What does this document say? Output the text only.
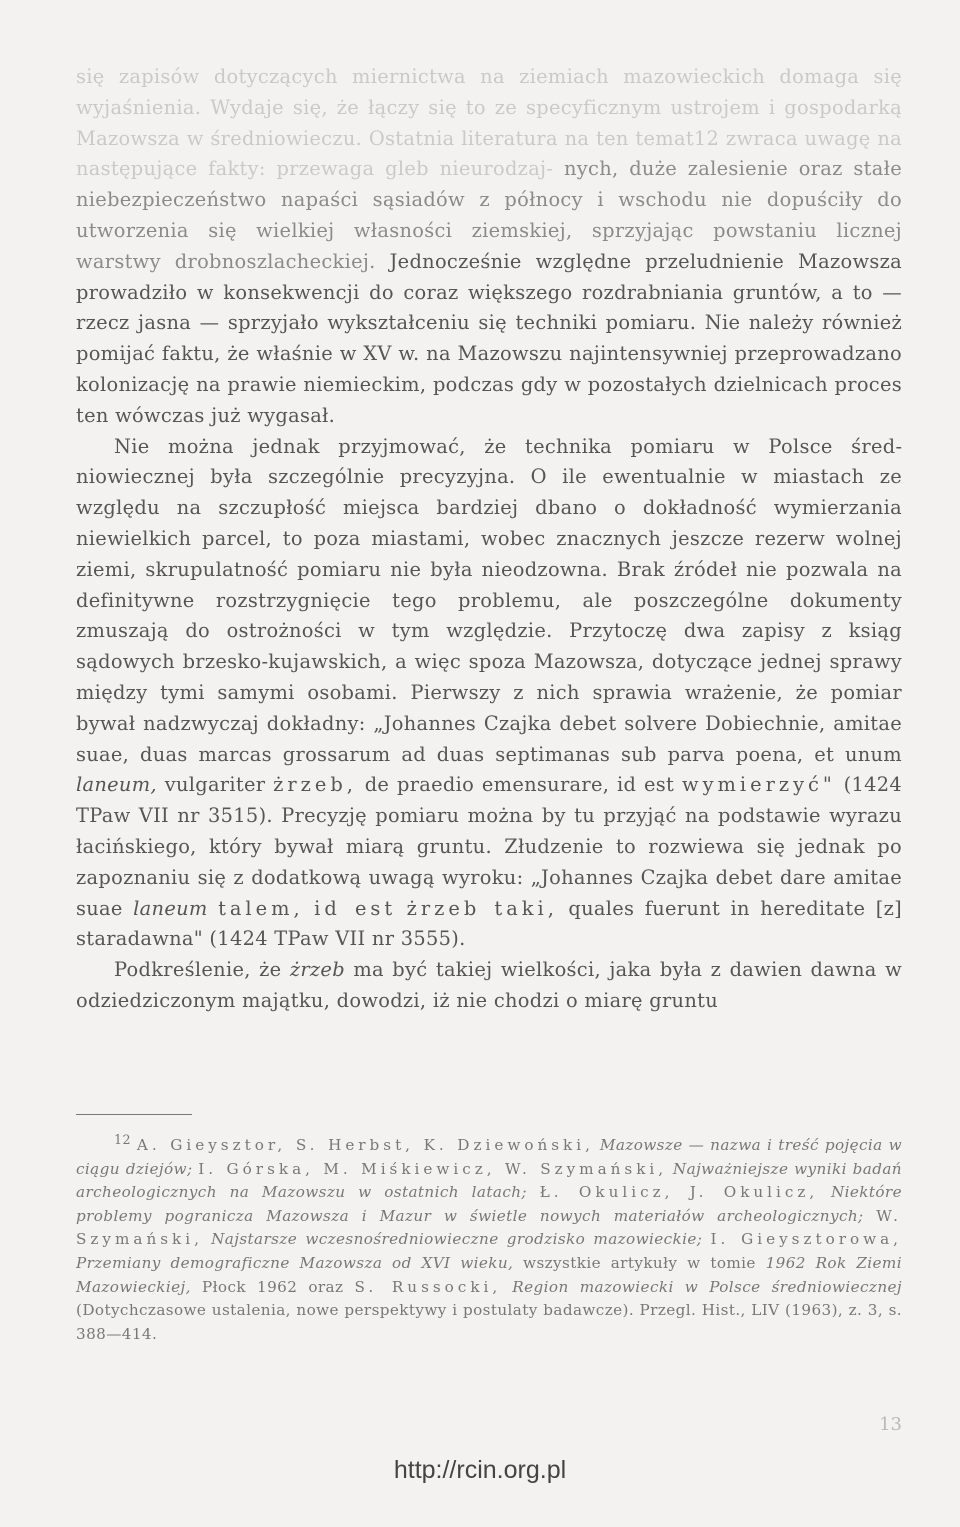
się zapisów dotyczących miernictwa na ziemiach mazowieckich domaga się wyjaśnienia. Wydaje się, że łączy się to ze specyficznym ustrojem i gospodarką Mazowsza w średniowieczu. Ostatnia literatura na ten temat12 zwraca uwagę na następujące fakty: przewaga gleb nieurodzaj- nych, duże zalesienie oraz stałe niebezpieczeństwo napaści sąsiadów z północy i wschodu nie dopuściły do utworzenia się wielkiej własności ziemskiej, sprzyjając powstaniu licznej warstwy drobnoszlacheckiej. Jednocześnie względne przeludnienie Mazowsza prowadziło w konsekwencji do coraz większego rozdrabniania gruntów, a to — rzecz jasna — sprzyjało wykształceniu się techniki pomiaru. Nie należy również pomijać faktu, że właśnie w XV w. na Mazowszu najintensywniej przeprowadzano kolonizację na prawie niemieckim, podczas gdy w pozostałych dzielnicach proces ten wówczas już wygasał.

Nie można jednak przyjmować, że technika pomiaru w Polsce średniowiecznej była szczególnie precyzyjna. O ile ewentualnie w miastach ze względu na szczupłość miejsca bardziej dbano o dokładność wymierzania niewielkich parcel, to poza miastami, wobec znacznych jeszcze rezerw wolnej ziemi, skrupulatność pomiaru nie była nieodzowna. Brak źródeł nie pozwala na definitywne rozstrzygnięcie tego problemu, ale poszczególne dokumenty zmuszają do ostrożności w tym względzie. Przytoczę dwa zapisy z ksiąg sądowych brzesko-kujawskich, a więc spoza Mazowsza, dotyczące jednej sprawy między tymi samymi osobami. Pierwszy z nich sprawia wrażenie, że pomiar bywał nadzwyczaj dokładny: „Johannes Czajka debet solvere Dobiechnie, amitae suae, duas marcas grossarum ad duas septimanas sub parva poena, et unum laneum, vulgariter żrzeb, de praedio emensurare, id est wymierzyć" (1424 TPaw VII nr 3515). Precyzję pomiaru można by tu przyjąć na podstawie wyrazu łacińskiego, który bywał miarą gruntu. Złudzenie to rozwiewa się jednak po zapoznaniu się z dodatkową uwagą wyroku: „Johannes Czajka debet dare amitae suae laneum talem, id est żrzeb taki, quales fuerunt in hereditate [z] staradawna" (1424 TPaw VII nr 3555).

Podkreślenie, że żrzeb ma być takiej wielkości, jaka była z dawien dawna w odziedziczonym majątku, dowodzi, iż nie chodzi o miarę gruntu

$^{12}$ A. Gieysztor, S. Herbst, K. Dziewoński, Mazowsze — nazwa i treść pojęcia w ciągu dziejów; I. Górska, M. Miśkiewicz, W. Szymański, Najważniejsze wyniki badań archeologicznych na Mazowszu w ostatnich latach; Ł. Okulicz, J. Okulicz, Niektóre problemy pogranicza Mazowsza i Mazur w świetle nowych materiałów archeologicznych; W. Szymański, Najstarsze wczesnośredniowieczne grodzisko mazowieckie; I. Gieysztorowa, Przemiany demograficzne Mazowsza od XVI wieku, wszystkie artykuły w tomie 1962 Rok Ziemi Mazowieckiej, Płock 1962 oraz S. Russocki, Region mazowiecki w Polsce średniowiecznej (Dotychczasowe ustalenia, nowe perspektywy i postulaty badawcze). Przegl. Hist., LIV (1963), z. 3, s. 388—414.

13
http://rcin.org.pl
